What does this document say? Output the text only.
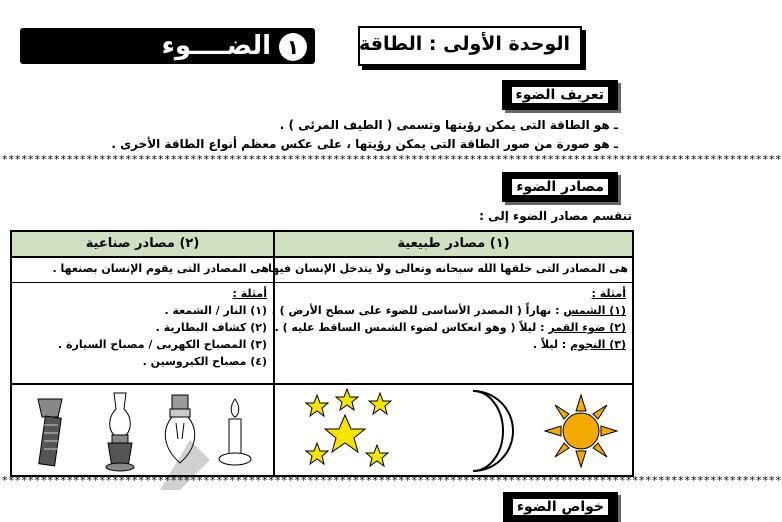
١
الضــــوء	الوحدة الأولى : الطاقة
تعريف الضوء
ـ هو الطاقة التى يمكن رؤيتها وتسمى ( الطيف المرئى ) .
ـ هو صورة من صور الطاقة التى يمكن رؤيتها ، على عكس معظم أنواع الطاقة الأخرى .
************************************************************************************************************************
مصادر الضوء
تنقسم مصادر الضوء إلى :
(١) مصادر طبيعية
هى المصادر التى خلقها الله سبحانه وتعالى ولا يتدخل الإنسان فيها .
أمثلة :
(١) الشمس : نهاراً ( المصدر الأساسى للضوء على سطح الأرض ) .
(٢) ضوء القمر : ليلاً ( وهو انعكاس لضوء الشمس الساقط عليه ) .
(٣) النجوم : ليلاً .
(٢) مصادر صناعية
هى المصادر التى يقوم الإنسان بصنعها .
أمثلة :
(١) النار / الشمعة .
(٢) كشاف البطارية .
(٣) المصباح الكهربى / مصباح السيارة .
(٤) مصباح الكيروسين .
************************************************************************************************************************
خواص الضوء
